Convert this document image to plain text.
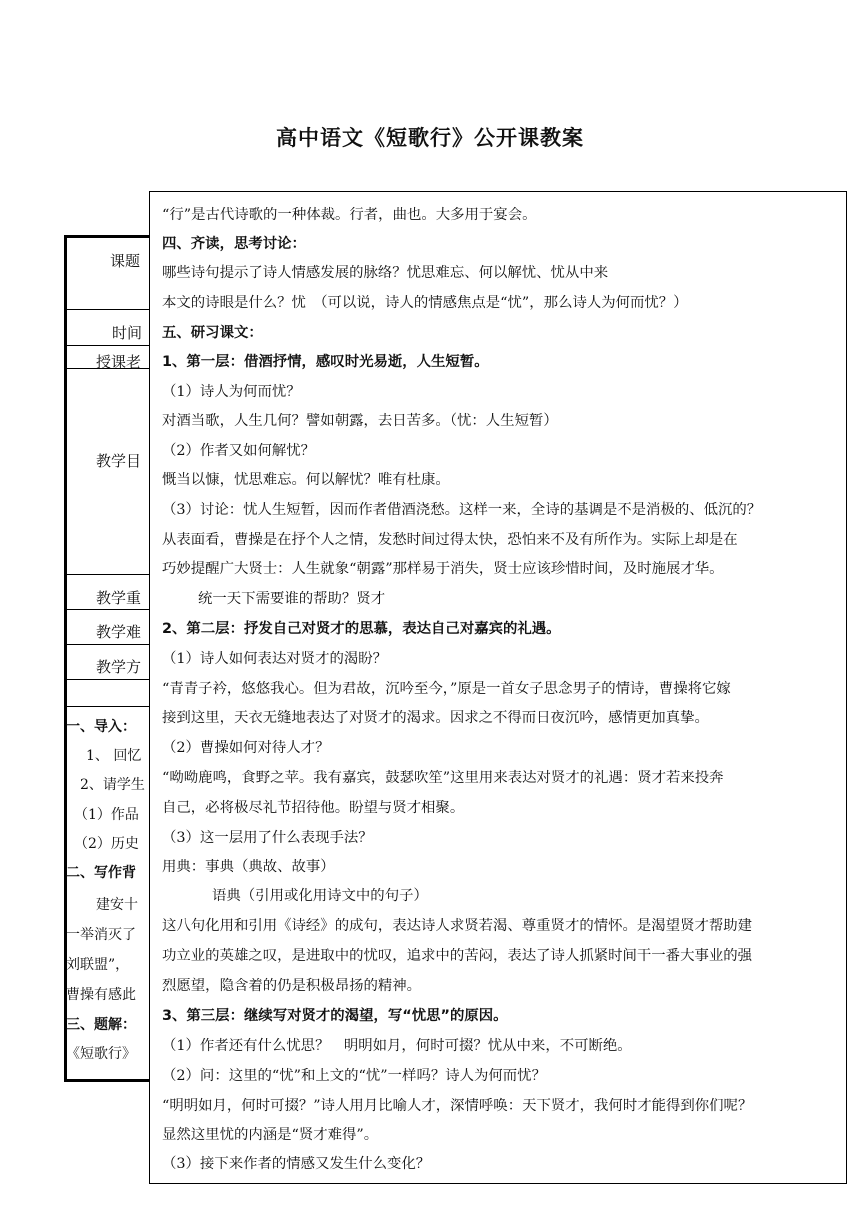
高中语文《短歌行》公开课教案
课题
时间
授课老
教学目
教学重
教学难
教学方
一、导入：
1、 回忆
2、请学生
（1）作品
（2）历史
二、写作背
建安十
一举消灭了
刘联盟”，
曹操有感此
三、题解：
《短歌行》
“行”是古代诗歌的一种体裁。行者，曲也。大多用于宴会。
四、齐读，思考讨论：
哪些诗句提示了诗人情感发展的脉络？忧思难忘、何以解忧、忧从中来
本文的诗眼是什么？忧　（可以说，诗人的情感焦点是“忧”，那么诗人为何而忧？）
五、研习课文：
1、第一层：借酒抒情，感叹时光易逝，人生短暂。
（1）诗人为何而忧？
对酒当歌，人生几何？譬如朝露，去日苦多。（忧：人生短暂）
（2）作者又如何解忧？
慨当以慷，忧思难忘。何以解忧？唯有杜康。
（3）讨论：忧人生短暂，因而作者借酒浇愁。这样一来，全诗的基调是不是消极的、低沉的？
从表面看，曹操是在抒个人之情，发愁时间过得太快，恐怕来不及有所作为。实际上却是在
巧妙提醒广大贤士：人生就象“朝露”那样易于消失，贤士应该珍惜时间，及时施展才华。
统一天下需要谁的帮助？贤才
2、第二层：抒发自己对贤才的思慕，表达自己对嘉宾的礼遇。
（1）诗人如何表达对贤才的渴盼？
“青青子衿，悠悠我心。但为君故，沉吟至今，”原是一首女子思念男子的情诗，曹操将它嫁
接到这里，天衣无缝地表达了对贤才的渴求。因求之不得而日夜沉吟，感情更加真挚。
（2）曹操如何对待人才？
“呦呦鹿鸣，食野之苹。我有嘉宾，鼓瑟吹笙”这里用来表达对贤才的礼遇：贤才若来投奔
自己，必将极尽礼节招待他。盼望与贤才相聚。
（3）这一层用了什么表现手法？
用典：事典（典故、故事）
语典（引用或化用诗文中的句子）
这八句化用和引用《诗经》的成句，表达诗人求贤若渴、尊重贤才的情怀。是渴望贤才帮助建
功立业的英雄之叹，是进取中的忧叹，追求中的苦闷，表达了诗人抓紧时间干一番大事业的强
烈愿望，隐含着的仍是积极昂扬的精神。
3、第三层：继续写对贤才的渴望，写“忧思”的原因。
（1）作者还有什么忧思？　明明如月，何时可掇？忧从中来，不可断绝。
（2）问：这里的“忧”和上文的“忧”一样吗？诗人为何而忧？
“明明如月，何时可掇？”诗人用月比喻人才，深情呼唤：天下贤才，我何时才能得到你们呢？
显然这里忧的内涵是“贤才难得”。
（3）接下来作者的情感又发生什么变化？
